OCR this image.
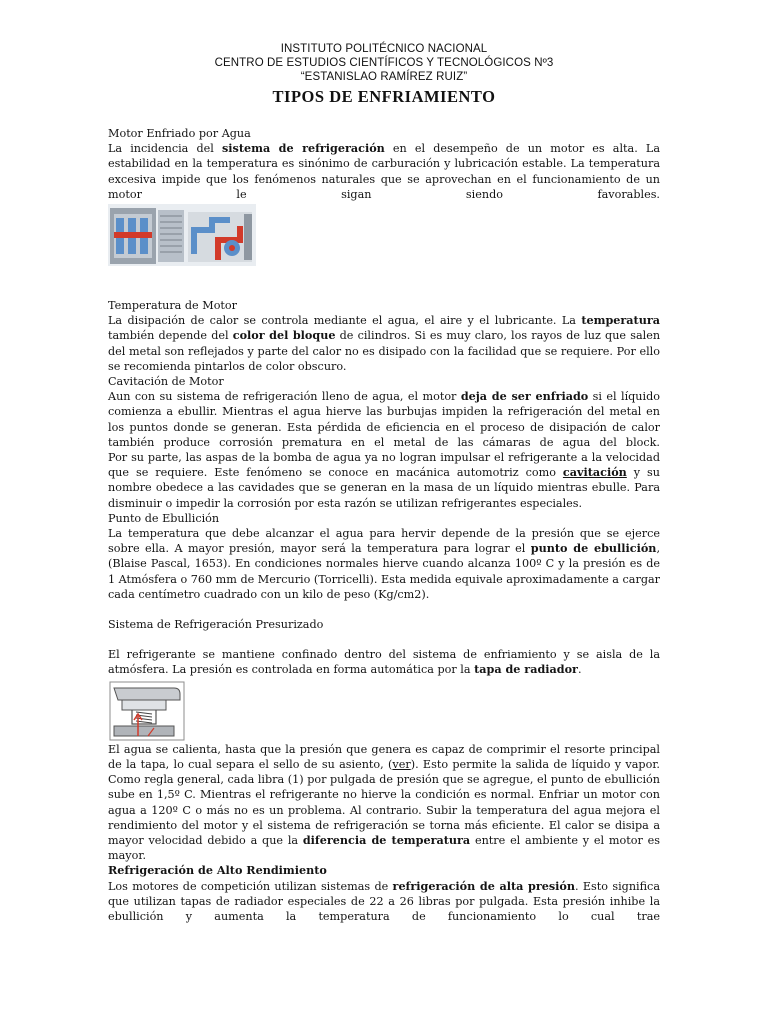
INSTITUTO POLITÉCNICO NACIONAL
CENTRO DE ESTUDIOS CIENTÍFICOS Y TECNOLÓGICOS Nº3
“ESTANISLAO RAMÍREZ RUIZ”
TIPOS DE ENFRIAMIENTO
Motor Enfriado por Agua
La incidencia del sistema de refrigeración en el desempeño de un motor es alta. La estabilidad en la temperatura es sinónimo de carburación y lubricación estable. La temperatura excesiva impide que los fenómenos naturales que se aprovechan en el funcionamiento de un motor le sigan siendo favorables.
Temperatura de Motor
La disipación de calor se controla mediante el agua, el aire y el lubricante. La temperatura también depende del color del bloque de cilindros. Si es muy claro, los rayos de luz que salen del metal son reflejados y parte del calor no es disipado con la facilidad que se requiere. Por ello se recomienda pintarlos de color obscuro.
Cavitación de Motor
Aun con su sistema de refrigeración lleno de agua, el motor deja de ser enfriado si el líquido comienza a ebullir. Mientras el agua hierve las burbujas impiden la refrigeración del metal en los puntos donde se generan. Esta pérdida de eficiencia en el proceso de disipación de calor también produce corrosión prematura en el metal de las cámaras de agua del block.
Por su parte, las aspas de la bomba de agua ya no logran impulsar el refrigerante a la velocidad que se requiere. Este fenómeno se conoce en macánica automotriz como cavitación y su nombre obedece a las cavidades que se generan en la masa de un líquido mientras ebulle. Para disminuir o impedir la corrosión por esta razón se utilizan refrigerantes especiales.
Punto de Ebullición
La temperatura que debe alcanzar el agua para hervir depende de la presión que se ejerce sobre ella. A mayor presión, mayor será la temperatura para lograr el punto de ebullición, (Blaise Pascal, 1653). En condiciones normales hierve cuando alcanza 100º C y la presión es de 1 Atmósfera o 760 mm de Mercurio (Torricelli). Esta medida equivale aproximadamente a cargar cada centímetro cuadrado con un kilo de peso (Kg/cm2).
Sistema de Refrigeración Presurizado
El refrigerante se mantiene confinado dentro del sistema de enfriamiento y se aisla de la atmósfera. La presión es controlada en forma automática por la tapa de radiador.
El agua se calienta, hasta que la presión que genera es capaz de comprimir el resorte principal de la tapa, lo cual separa el sello de su asiento, (ver). Esto permite la salida de líquido y vapor. Como regla general, cada libra (1) por pulgada de presión que se agregue, el punto de ebullición sube en 1,5º C. Mientras el refrigerante no hierve la condición es normal. Enfriar un motor con agua a 120º C o más no es un problema. Al contrario. Subir la temperatura del agua mejora el rendimiento del motor y el sistema de refrigeración se torna más eficiente. El calor se disipa a mayor velocidad debido a que la diferencia de temperatura entre el ambiente y el motor es mayor.
Refrigeración de Alto Rendimiento
Los motores de competición utilizan sistemas de refrigeración de alta presión. Esto significa que utilizan tapas de radiador especiales de 22 a 26 libras por pulgada. Esta presión inhibe la ebullición y aumenta la temperatura de funcionamiento lo cual trae
